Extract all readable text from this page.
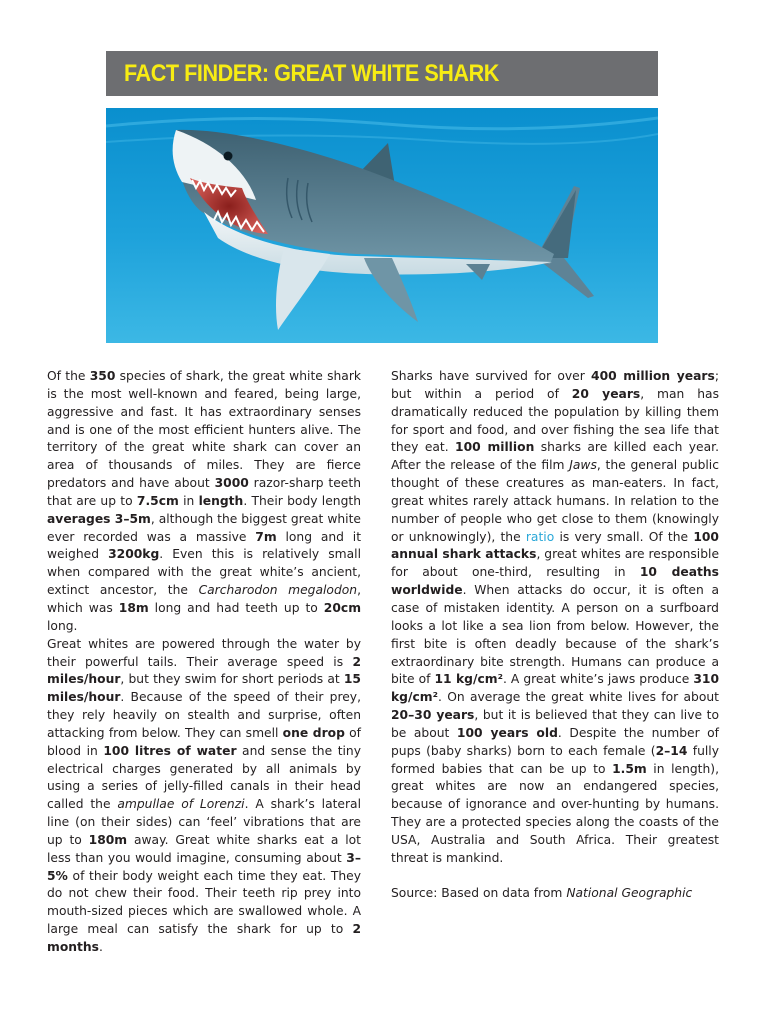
FACT FINDER: GREAT WHITE SHARK

Of the 350 species of shark, the great white shark is the most well-known and feared, being large, aggressive and fast. It has extraordinary senses and is one of the most efficient hunters alive. The territory of the great white shark can cover an area of thousands of miles. They are fierce predators and have about 3000 razor-sharp teeth that are up to 7.5cm in length. Their body length averages 3–5m, although the biggest great white ever recorded was a massive 7m long and it weighed 3200kg. Even this is relatively small when compared with the great white’s ancient, extinct ancestor, the Carcharodon megalodon, which was 18m long and had teeth up to 20cm long.

Great whites are powered through the water by their powerful tails. Their average speed is 2 miles/hour, but they swim for short periods at 15 miles/hour. Because of the speed of their prey, they rely heavily on stealth and surprise, often attacking from below. They can smell one drop of blood in 100 litres of water and sense the tiny electrical charges generated by all animals by using a series of jelly-filled canals in their head called the ampullae of Lorenzi. A shark’s lateral line (on their sides) can ‘feel’ vibrations that are up to 180m away. Great white sharks eat a lot less than you would imagine, consuming about 3–5% of their body weight each time they eat. They do not chew their food. Their teeth rip prey into mouth-sized pieces which are swallowed whole. A large meal can satisfy the shark for up to 2 months.

Sharks have survived for over 400 million years; but within a period of 20 years, man has dramatically reduced the population by killing them for sport and food, and over fishing the sea life that they eat. 100 million sharks are killed each year. After the release of the film Jaws, the general public thought of these creatures as man-eaters. In fact, great whites rarely attack humans. In relation to the number of people who get close to them (knowingly or unknowingly), the ratio is very small. Of the 100 annual shark attacks, great whites are responsible for about one-third, resulting in 10 deaths worldwide. When attacks do occur, it is often a case of mistaken identity. A person on a surfboard looks a lot like a sea lion from below. However, the first bite is often deadly because of the shark’s extraordinary bite strength. Humans can produce a bite of 11 kg/cm². A great white’s jaws produce 310 kg/cm². On average the great white lives for about 20–30 years, but it is believed that they can live to be about 100 years old. Despite the number of pups (baby sharks) born to each female (2–14 fully formed babies that can be up to 1.5m in length), great whites are now an endangered species, because of ignorance and over-hunting by humans. They are a protected species along the coasts of the USA, Australia and South Africa. Their greatest threat is mankind.

Source: Based on data from National Geographic
